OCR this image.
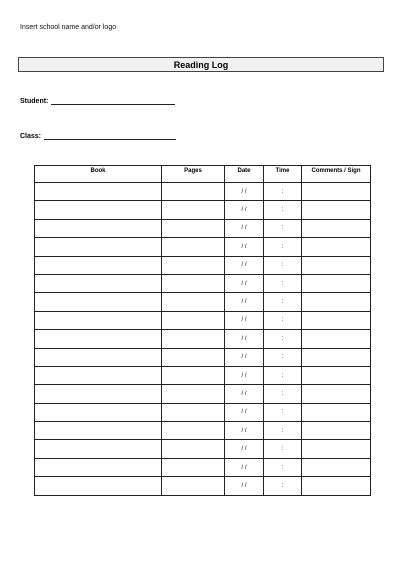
Insert school name and/or logo
Reading Log
Student:
Class:
Book	Pages	Date	Time	Comments / Sign
		/ /	:	
		/ /	:	
		/ /	:	
		/ /	:	
		/ /	:	
		/ /	:	
		/ /	:	
		/ /	:	
		/ /	:	
		/ /	:	
		/ /	:	
		/ /	:	
		/ /	:	
		/ /	:	
		/ /	:	
		/ /	:	
		/ /	:	
